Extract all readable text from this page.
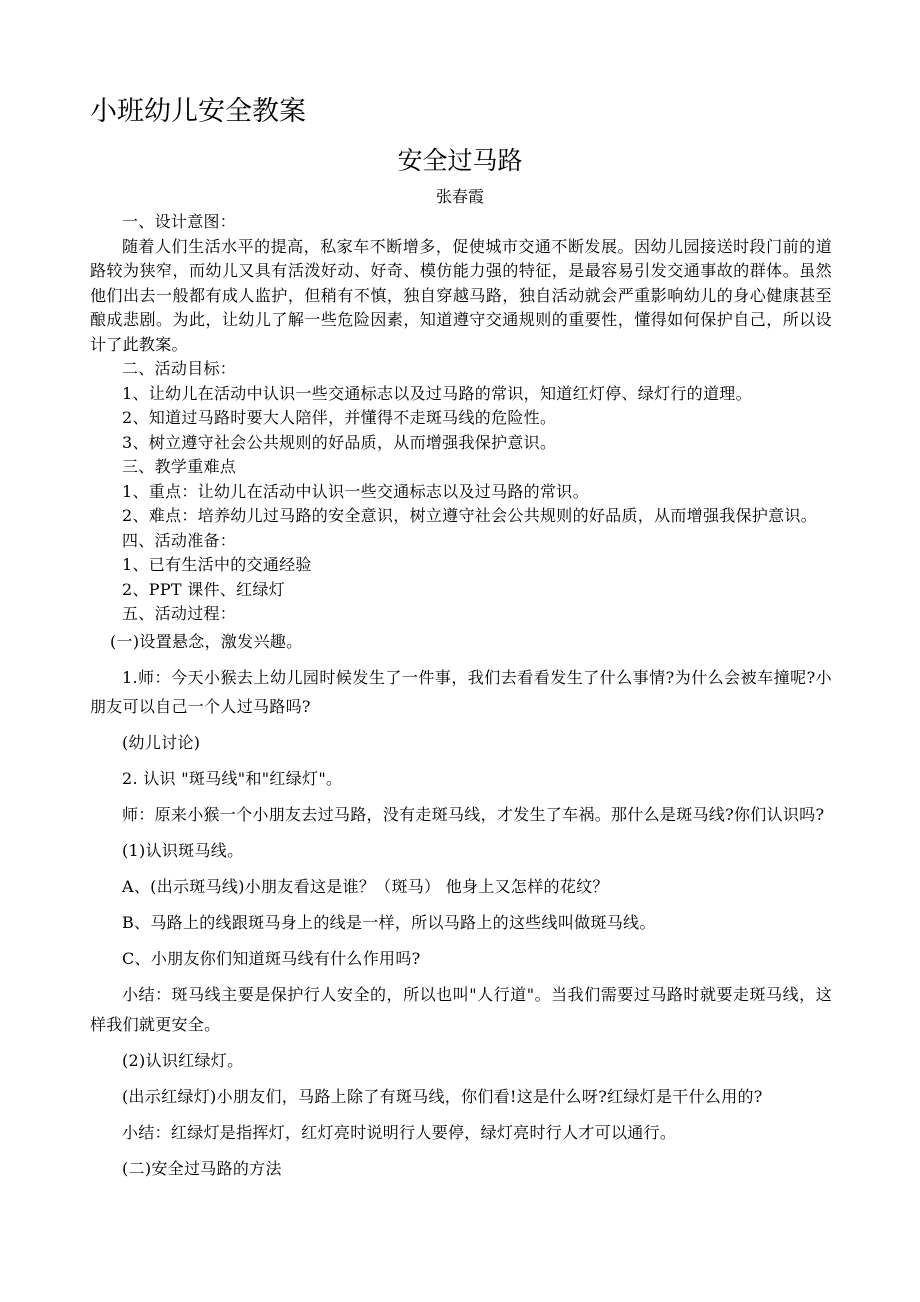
小班幼儿安全教案
安全过马路
张春霞

一、设计意图：

随着人们生活水平的提高，私家车不断增多，促使城市交通不断发展。因幼儿园接送时段门前的道路较为狭窄，而幼儿又具有活泼好动、好奇、模仿能力强的特征，是最容易引发交通事故的群体。虽然他们出去一般都有成人监护，但稍有不慎，独自穿越马路，独自活动就会严重影响幼儿的身心健康甚至酿成悲剧。为此，让幼儿了解一些危险因素，知道遵守交通规则的重要性，懂得如何保护自己，所以设计了此教案。

二、活动目标：

1、让幼儿在活动中认识一些交通标志以及过马路的常识，知道红灯停、绿灯行的道理。

2、知道过马路时要大人陪伴，并懂得不走斑马线的危险性。

3、树立遵守社会公共规则的好品质，从而增强我保护意识。

三、教学重难点

1、重点：让幼儿在活动中认识一些交通标志以及过马路的常识。

2、难点：培养幼儿过马路的安全意识，树立遵守社会公共规则的好品质，从而增强我保护意识。

四、活动准备：

1、已有生活中的交通经验

2、PPT 课件、红绿灯

五、活动过程：

(一)设置悬念，激发兴趣。

1.师：今天小猴去上幼儿园时候发生了一件事，我们去看看发生了什么事情?为什么会被车撞呢?小朋友可以自己一个人过马路吗?

(幼儿讨论)

2. 认识 "斑马线"和"红绿灯"。

师：原来小猴一个小朋友去过马路，没有走斑马线，才发生了车祸。那什么是斑马线?你们认识吗?

(1)认识斑马线。

A、(出示斑马线)小朋友看这是谁？（斑马） 他身上又怎样的花纹？

B、马路上的线跟斑马身上的线是一样，所以马路上的这些线叫做斑马线。

C、小朋友你们知道斑马线有什么作用吗?

小结：斑马线主要是保护行人安全的，所以也叫"人行道"。当我们需要过马路时就要走斑马线，这样我们就更安全。

(2)认识红绿灯。

(出示红绿灯)小朋友们，马路上除了有斑马线，你们看!这是什么呀?红绿灯是干什么用的?

小结：红绿灯是指挥灯，红灯亮时说明行人要停，绿灯亮时行人才可以通行。

(二)安全过马路的方法
